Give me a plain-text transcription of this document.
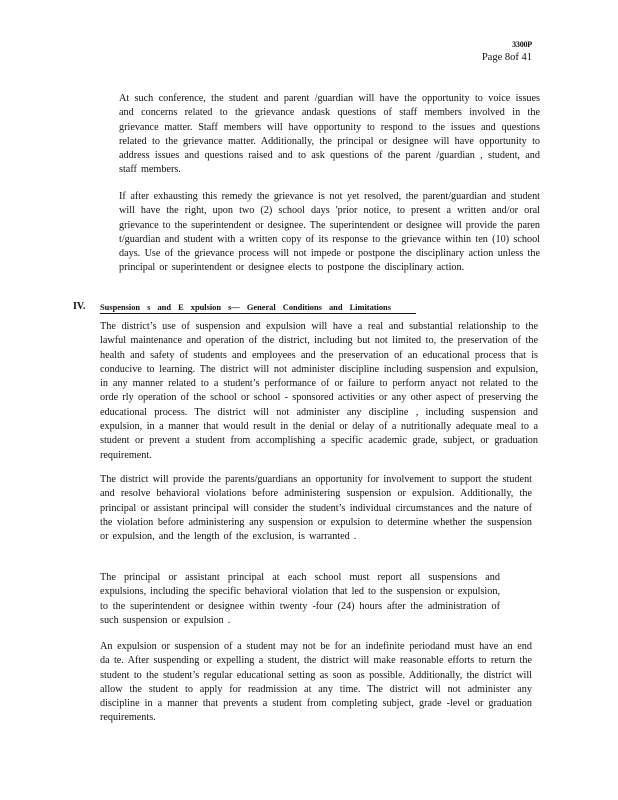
3300P
Page 8of 41

At such conference, the student and parent /guardian will have the opportunity to voice issues and concerns related to the grievance andask questions of staff members involved in the grievance matter. Staff members will have opportunity to respond to the issues and questions related to the grievance matter. Additionally, the principal or designee will have opportunity to address issues and questions raised and to ask questions of the parent /guardian , student, and staff members.

If after exhausting this remedy the grievance is not yet resolved, the parent/guardian and student will have the right, upon two (2) school days 'prior notice, to present a written and/or oral grievance to the superintendent or designee. The superintendent or designee will provide the paren t/guardian and student with a written copy of its response to the grievance within ten (10) school days. Use of the grievance process will not impede or postpone the disciplinary action unless the principal or superintendent or designee elects to postpone the disciplinary action.

IV. Suspension s and E xpulsion s— General Conditions and Limitations

The district’s use of suspension and expulsion will have a real and substantial relationship to the lawful maintenance and operation of the district, including but not limited to, the preservation of the health and safety of students and employees and the preservation of an educational process that is conducive to learning. The district will not administer discipline including suspension and expulsion, in any manner related to a student’s performance of or failure to perform anyact not related to the orde rly operation of the school or school - sponsored activities or any other aspect of preserving the educational process. The district will not administer any discipline , including suspension and expulsion, in a manner that would result in the denial or delay of a nutritionally adequate meal to a student or prevent a student from accomplishing a specific academic grade, subject, or graduation requirement.

The district will provide the parents/guardians an opportunity for involvement to support the student and resolve behavioral violations before administering suspension or expulsion. Additionally, the principal or assistant principal will consider the student’s individual circumstances and the nature of the violation before administering any suspension or expulsion to determine whether the suspension or expulsion, and the length of the exclusion, is warranted .

The principal or assistant principal at each school must report all suspensions and expulsions, including the specific behavioral violation that led to the suspension or expulsion, to the superintendent or designee within twenty -four (24) hours after the administration of such suspension or expulsion .

An expulsion or suspension of a student may not be for an indefinite periodand must have an end da te. After suspending or expelling a student, the district will make reasonable efforts to return the student to the student’s regular educational setting as soon as possible. Additionally, the district will allow the student to apply for readmission at any time. The district will not administer any discipline in a manner that prevents a student from completing subject, grade -level or graduation requirements.
